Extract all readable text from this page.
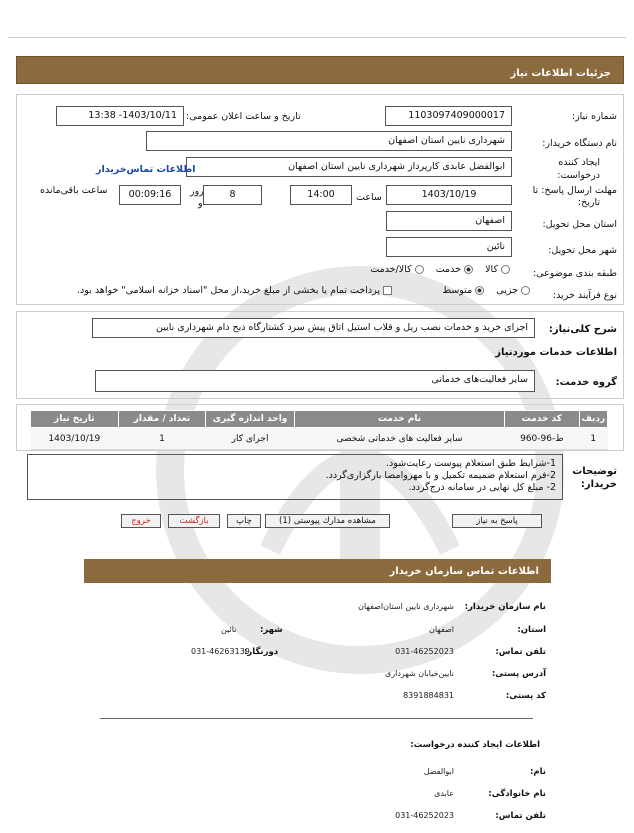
جزئیات اطلاعات نیاز
شماره نیاز:
1103097409000017
تاریخ و ساعت اعلان عمومی:
1403/10/11- 13:38
نام دستگاه خریدار:
شهرداری نایین استان اصفهان
ایجاد کننده
درخواست:
ابوالفضل عابدی کارپرداز شهرداری نایین استان اصفهان
اطلاعات تماس‌خریدار
مهلت ارسال پاسخ: تا
تاریخ:
1403/10/19
ساعت
14:00
8
روز
و
00:09:16
ساعت باقی‌مانده
استان محل تحویل:
اصفهان
شهر محل تحویل:
نائین
طبقه بندی موضوعی:
کالا     خدمت     کالا/خدمت
نوع فرآیند خرید:
جزیی     متوسط
پرداخت تمام یا بخشی از مبلغ خرید،از محل "اسناد خزانه اسلامی" خواهد بود.
شرح کلی‌نیاز:
اجرای خرید و خدمات نصب ریل و قلاب استیل اتاق پیش سرد کشتارگاه ذبح دام شهرداری نایین
اطلاعات خدمات موردنیاز
گروه خدمت:
سایر فعالیت‌های خدماتی
ردیف	کد خدمت	نام خدمت	واحد اندازه گیری	تعداد / مقدار	تاریخ نیاز
1	ط-96-960	سایر فعالیت های خدماتی شخصی	اجرای کار	1	1403/10/19
توضیحات
خریدار:
1-شرایط طبق استعلام پیوست رعایت‌شود.
2-فرم استعلام ضمیمه تکمیل و با مهروامضا بارگزاری‌گردد.
2- مبلغ کل نهایی در سامانه درج‌گردد.
پاسخ به نیاز
مشاهده مدارك پیوستی (1)
چاپ
بازگشت
خروج
اطلاعات تماس سازمان خریدار
نام سازمان خریدار:
شهرداری نایین استان‌اصفهان
استان:
اصفهان
شهر:
نائین
تلفن تماس:
031-46252023
دورنگار:
031-46263139
آدرس پستی:
نایین‌خیابان شهرداری
کد پستی:
8391884831
اطلاعات ایجاد کننده درخواست:
نام:
ابوالفضل
نام خانوادگی:
عابدی
تلفن تماس:
031-46252023
